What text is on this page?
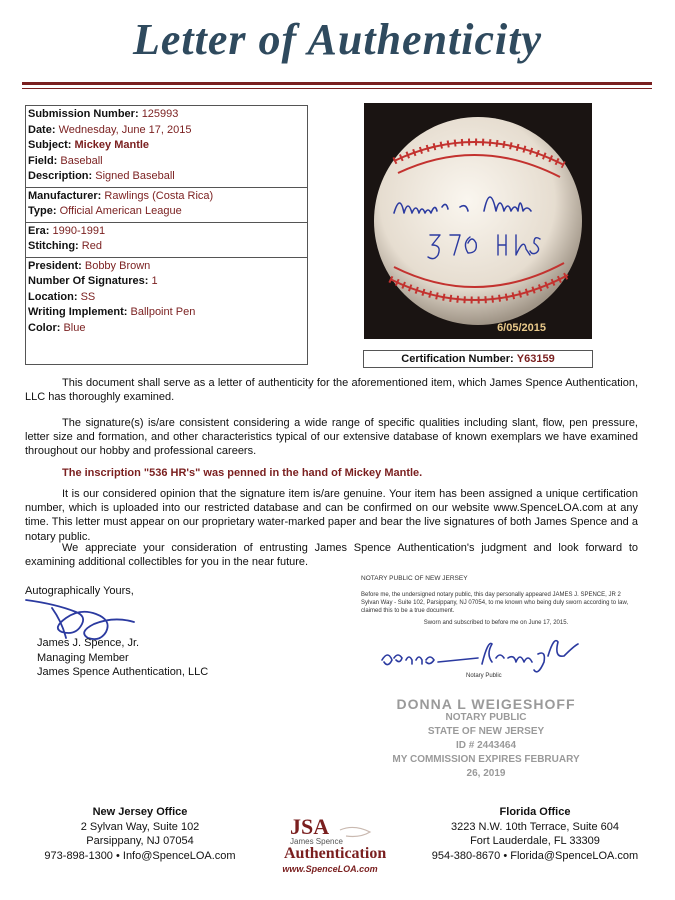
Letter of Authenticity
Submission Number: 125993
Date: Wednesday, June 17, 2015
Subject: Mickey Mantle
Field: Baseball
Description: Signed Baseball
Manufacturer: Rawlings (Costa Rica)
Type: Official American League
Era: 1990-1991
Stitching: Red
President: Bobby Brown
Number Of Signatures: 1
Location: SS
Writing Implement: Ballpoint Pen
Color: Blue	6/05/2015
Certification Number: Y63159
This document shall serve as a letter of authenticity for the aforementioned item, which James Spence Authentication, LLC has thoroughly examined.
The signature(s) is/are consistent considering a wide range of specific qualities including slant, flow, pen pressure, letter size and formation, and other characteristics typical of our extensive database of known exemplars we have examined throughout our hobby and professional careers.
The inscription "536 HR's" was penned in the hand of Mickey Mantle.
It is our considered opinion that the signature item is/are genuine. Your item has been assigned a unique certification number, which is uploaded into our restricted database and can be confirmed on our website www.SpenceLOA.com at any time. This letter must appear on our proprietary water-marked paper and bear the live signatures of both James Spence and a notary public.
We appreciate your consideration of entrusting James Spence Authentication's judgment and look forward to examining additional collectibles for you in the near future.
Autographically Yours,
James J. Spence, Jr.
Managing Member
James Spence Authentication, LLC
NOTARY PUBLIC OF NEW JERSEY
Before me, the undersigned notary public, this day personally appeared JAMES J. SPENCE, JR 2 Sylvan Way - Suite 102, Parsippany, NJ 07054, to me known who being duly sworn according to law, claimed this to be a true document.
Sworn and subscribed to before me on June 17, 2015.
Notary Public
DONNA L WEIGESHOFF
NOTARY PUBLIC
STATE OF NEW JERSEY
ID # 2443464
MY COMMISSION EXPIRES FEBRUARY 26, 2019
New Jersey Office
2 Sylvan Way, Suite 102
Parsippany, NJ 07054
973-898-1300 • Info@SpenceLOA.com
JSA
James Spence
Authentication
www.SpenceLOA.com
Florida Office
3223 N.W. 10th Terrace, Suite 604
Fort Lauderdale, FL 33309
954-380-8670 • Florida@SpenceLOA.com
